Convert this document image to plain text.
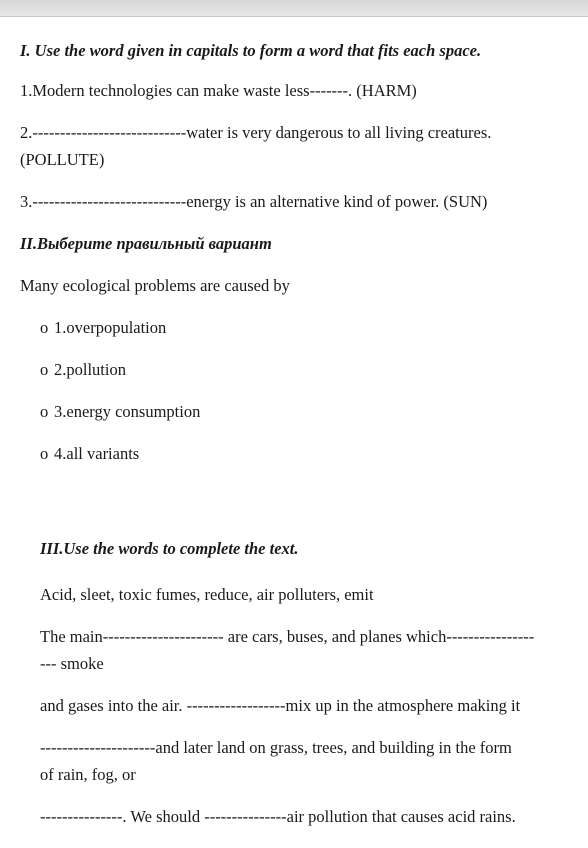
I. Use the word given in capitals to form a word that fits each space.
1.Modern technologies can make waste less-------. (HARM)
2.----------------------------water is very dangerous to all living creatures.
(POLLUTE)
3.----------------------------energy is an alternative kind of power. (SUN)
II.Выберите правильный вариант
Many ecological problems are caused by
o 1.overpopulation
o 2.pollution
o 3.energy consumption
o 4.all variants
III.Use the words to complete the text.
Acid, sleet, toxic fumes, reduce, air polluters, emit
The main---------------------- are cars, buses, and planes which----------------
--- smoke
and gases into the air. ------------------mix up in the atmosphere making it
---------------------and later land on grass, trees, and building in the form
of rain, fog, or
---------------. We should ---------------air pollution that causes acid rains.
